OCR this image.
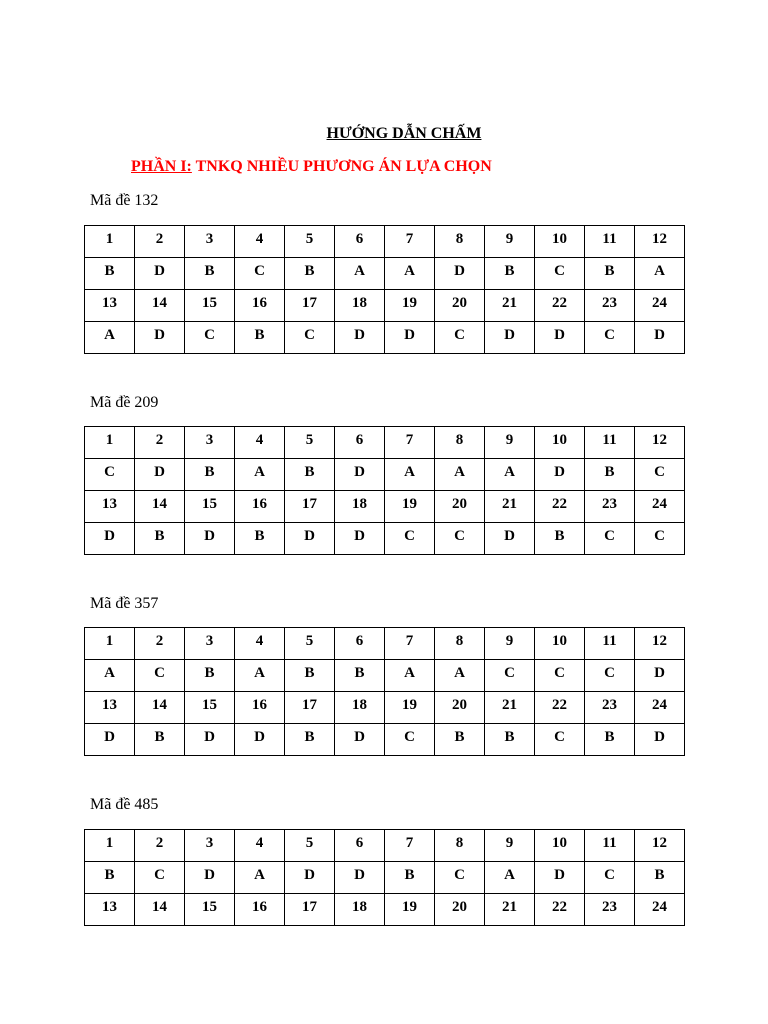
HƯỚNG DẪN CHẤM
PHẦN I: TNKQ NHIỀU PHƯƠNG ÁN LỰA CHỌN
Mã đề 132
1	2	3	4	5	6	7	8	9	10	11	12
B	D	B	C	B	A	A	D	B	C	B	A
13	14	15	16	17	18	19	20	21	22	23	24
A	D	C	B	C	D	D	C	D	D	C	D
Mã đề 209
1	2	3	4	5	6	7	8	9	10	11	12
C	D	B	A	B	D	A	A	A	D	B	C
13	14	15	16	17	18	19	20	21	22	23	24
D	B	D	B	D	D	C	C	D	B	C	C
Mã đề 357
1	2	3	4	5	6	7	8	9	10	11	12
A	C	B	A	B	B	A	A	C	C	C	D
13	14	15	16	17	18	19	20	21	22	23	24
D	B	D	D	B	D	C	B	B	C	B	D
Mã đề 485
1	2	3	4	5	6	7	8	9	10	11	12
B	C	D	A	D	D	B	C	A	D	C	B
13	14	15	16	17	18	19	20	21	22	23	24
